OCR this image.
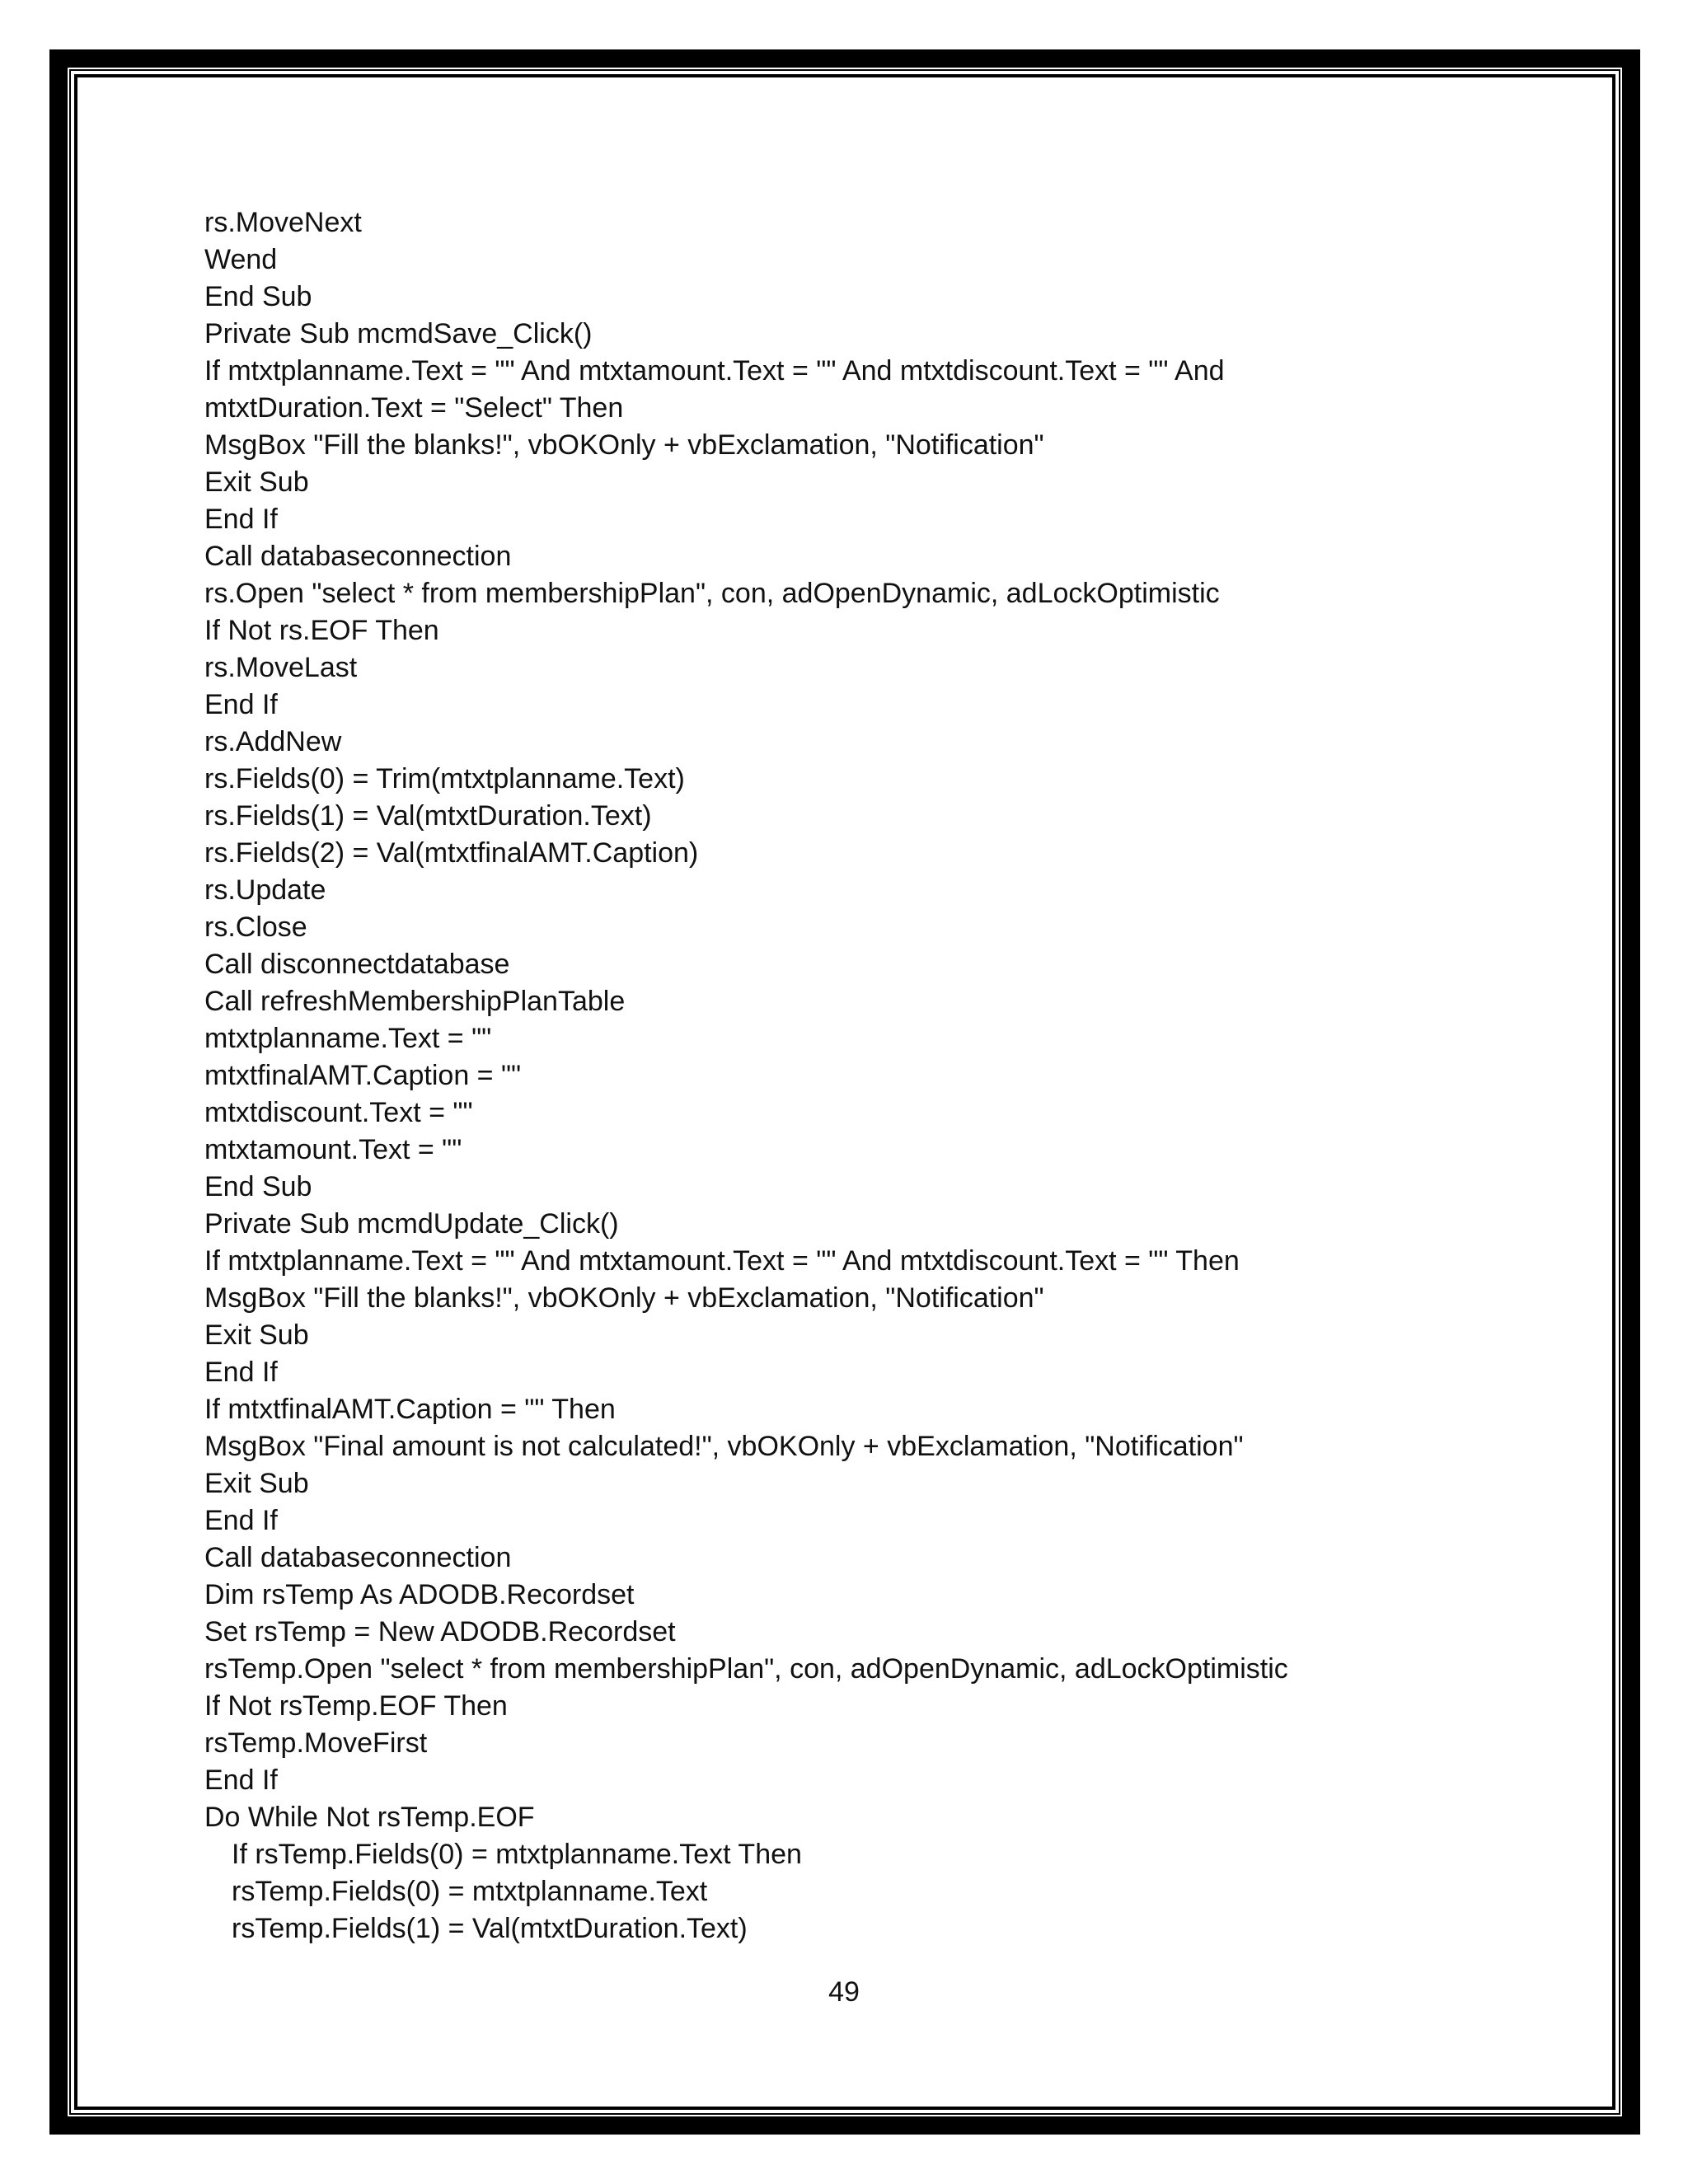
rs.MoveNext
Wend
End Sub
Private Sub mcmdSave_Click()
If mtxtplanname.Text = "" And mtxtamount.Text = "" And mtxtdiscount.Text = "" And
mtxtDuration.Text = "Select" Then
MsgBox "Fill the blanks!", vbOKOnly + vbExclamation, "Notification"
Exit Sub
End If
Call databaseconnection
rs.Open "select * from membershipPlan", con, adOpenDynamic, adLockOptimistic
If Not rs.EOF Then
rs.MoveLast
End If
rs.AddNew
rs.Fields(0) = Trim(mtxtplanname.Text)
rs.Fields(1) = Val(mtxtDuration.Text)
rs.Fields(2) = Val(mtxtfinalAMT.Caption)
rs.Update
rs.Close
Call disconnectdatabase
Call refreshMembershipPlanTable
mtxtplanname.Text = ""
mtxtfinalAMT.Caption = ""
mtxtdiscount.Text = ""
mtxtamount.Text = ""
End Sub
Private Sub mcmdUpdate_Click()
If mtxtplanname.Text = "" And mtxtamount.Text = "" And mtxtdiscount.Text = "" Then
MsgBox "Fill the blanks!", vbOKOnly + vbExclamation, "Notification"
Exit Sub
End If
If mtxtfinalAMT.Caption = "" Then
MsgBox "Final amount is not calculated!", vbOKOnly + vbExclamation, "Notification"
Exit Sub
End If
Call databaseconnection
Dim rsTemp As ADODB.Recordset
Set rsTemp = New ADODB.Recordset
rsTemp.Open "select * from membershipPlan", con, adOpenDynamic, adLockOptimistic
If Not rsTemp.EOF Then
rsTemp.MoveFirst
End If
Do While Not rsTemp.EOF
If rsTemp.Fields(0) = mtxtplanname.Text Then
rsTemp.Fields(0) = mtxtplanname.Text
rsTemp.Fields(1) = Val(mtxtDuration.Text)
49
